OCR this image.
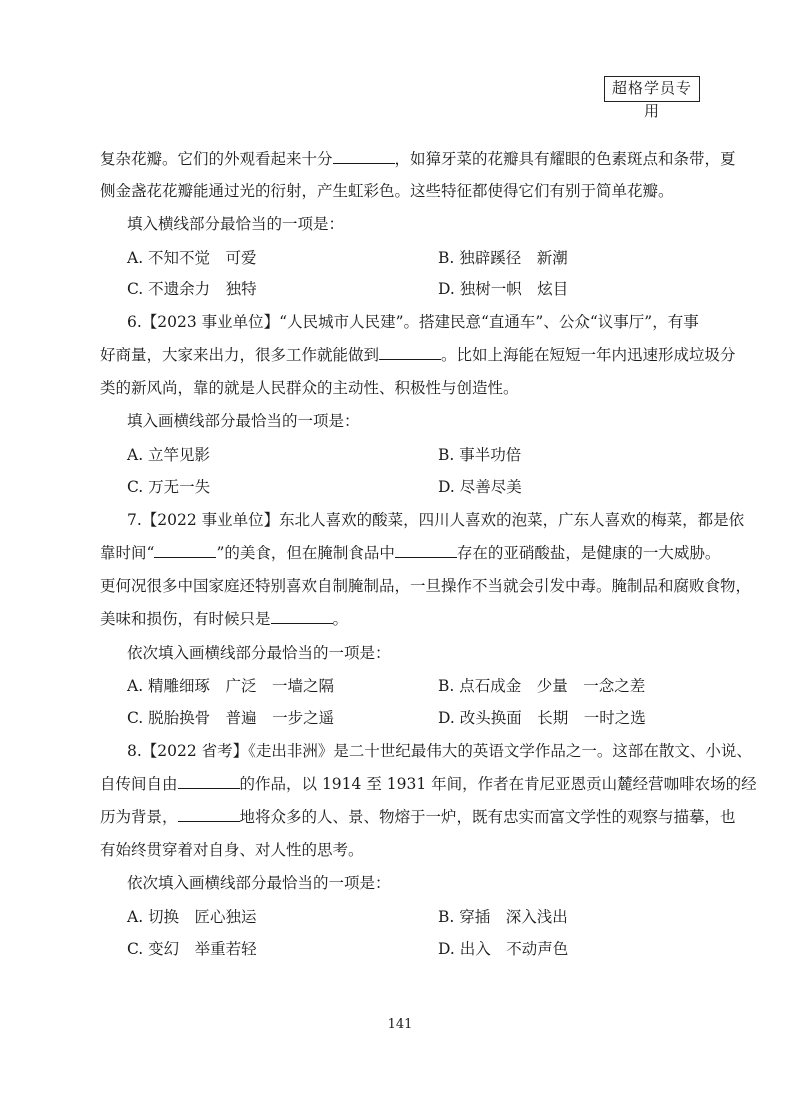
超格学员专用
复杂花瓣。它们的外观看起来十分	，如獐牙菜的花瓣具有耀眼的色素斑点和条带，夏
侧金盏花花瓣能通过光的衍射，产生虹彩色。这些特征都使得它们有别于简单花瓣。
填入横线部分最恰当的一项是：
A. 不知不觉　可爱	B. 独辟蹊径　新潮
C. 不遗余力　独特	D. 独树一帜　炫目
6.【2023 事业单位】“人民城市人民建”。搭建民意“直通车”、公众“议事厅”，有事
好商量，大家来出力，很多工作就能做到	。比如上海能在短短一年内迅速形成垃圾分
类的新风尚，靠的就是人民群众的主动性、积极性与创造性。
填入画横线部分最恰当的一项是：
A. 立竿见影	B. 事半功倍
C. 万无一失	D. 尽善尽美
7.【2022 事业单位】东北人喜欢的酸菜，四川人喜欢的泡菜，广东人喜欢的梅菜，都是依
靠时间“	”的美食，但在腌制食品中	存在的亚硝酸盐，是健康的一大威胁。
更何况很多中国家庭还特别喜欢自制腌制品，一旦操作不当就会引发中毒。腌制品和腐败食物，
美味和损伤，有时候只是	。
依次填入画横线部分最恰当的一项是：
A. 精雕细琢　广泛　一墙之隔	B. 点石成金　少量　一念之差
C. 脱胎换骨　普遍　一步之遥	D. 改头换面　长期　一时之选
8.【2022 省考】《走出非洲》是二十世纪最伟大的英语文学作品之一。这部在散文、小说、
自传间自由	的作品，以 1914 至 1931 年间，作者在肯尼亚恩贡山麓经营咖啡农场的经
历为背景，	地将众多的人、景、物熔于一炉，既有忠实而富文学性的观察与描摹，也
有始终贯穿着对自身、对人性的思考。
依次填入画横线部分最恰当的一项是：
A. 切换　匠心独运	B. 穿插　深入浅出
C. 变幻　举重若轻	D. 出入　不动声色
141
